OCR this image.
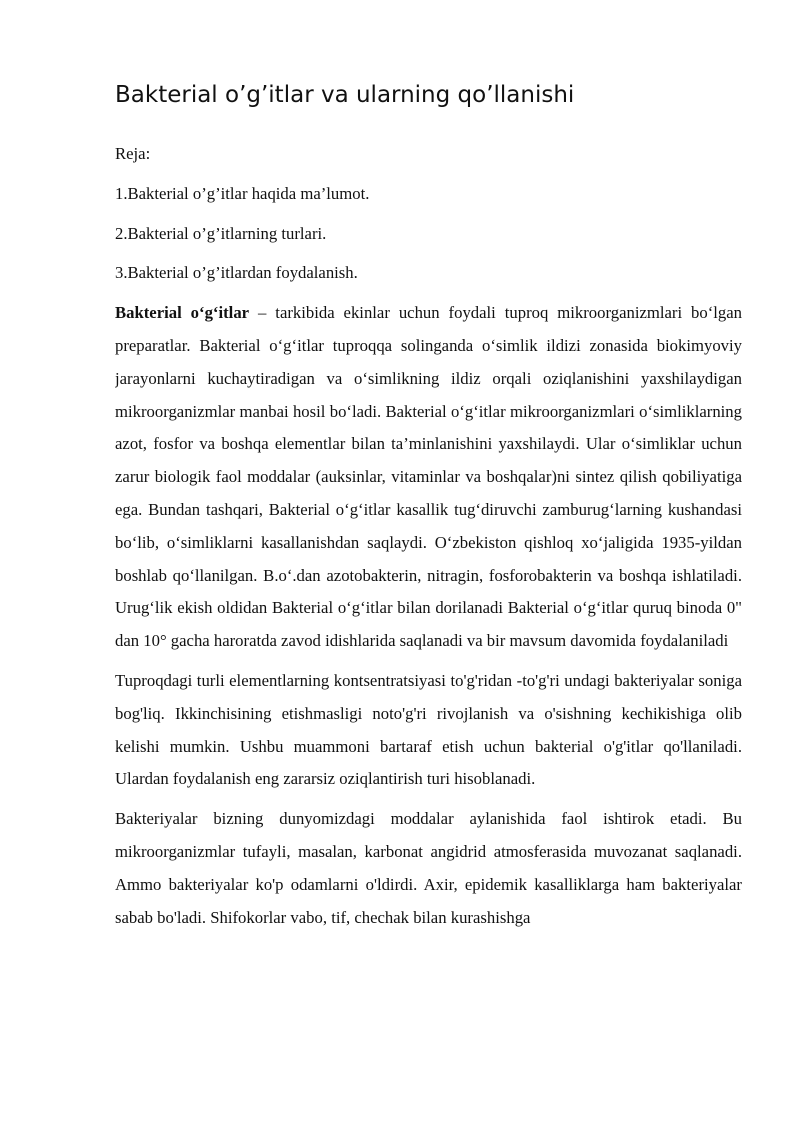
Bakterial o’g’itlar va ularning qo’llanishi
Reja:
1.Bakterial o’g’itlar haqida ma’lumot.
2.Bakterial o’g’itlarning turlari.
3.Bakterial o’g’itlardan foydalanish.

Bakterial o‘g‘itlar – tarkibida ekinlar uchun foydali tuproq mikroorganizmlari bo‘lgan preparatlar. Bakterial o‘g‘itlar tuproqqa solinganda o‘simlik ildizi zonasida biokimyoviy jarayonlarni kuchaytiradigan va o‘simlikning ildiz orqali oziqlanishini yaxshilaydigan mikroorganizmlar manbai hosil bo‘ladi. Bakterial o‘g‘itlar mikroorganizmlari o‘simliklarning azot, fosfor va boshqa elementlar bilan ta’minlanishini yaxshilaydi. Ular o‘simliklar uchun zarur biologik faol moddalar (auksinlar, vitaminlar va boshqalar)ni sintez qilish qobiliyatiga ega. Bundan tashqari, Bakterial o‘g‘itlar kasallik tug‘diruvchi zamburug‘larning kushandasi bo‘lib, o‘simliklarni kasallanishdan saqlaydi. O‘zbekiston qishloq xo‘jaligida 1935-yildan boshlab qo‘llanilgan. B.o‘.dan azotobakterin, nitragin, fosforobakterin va boshqa ishlatiladi. Urug‘lik ekish oldidan Bakterial o‘g‘itlar bilan dorilanadi Bakterial o‘g‘itlar quruq binoda 0" dan 10° gacha haroratda zavod idishlarida saqlanadi va bir mavsum davomida foydalaniladi

Tuproqdagi turli elementlarning kontsentratsiyasi to'g'ridan -to'g'ri undagi bakteriyalar soniga bog'liq. Ikkinchisining etishmasligi noto'g'ri rivojlanish va o'sishning kechikishiga olib kelishi mumkin. Ushbu muammoni bartaraf etish uchun bakterial o'g'itlar qo'llaniladi. Ulardan foydalanish eng zararsiz oziqlantirish turi hisoblanadi.

Bakteriyalar bizning dunyomizdagi moddalar aylanishida faol ishtirok etadi. Bu mikroorganizmlar tufayli, masalan, karbonat angidrid atmosferasida muvozanat saqlanadi. Ammo bakteriyalar ko'p odamlarni o'ldirdi. Axir, epidemik kasalliklarga ham bakteriyalar sabab bo'ladi. Shifokorlar vabo, tif, chechak bilan kurashishga
